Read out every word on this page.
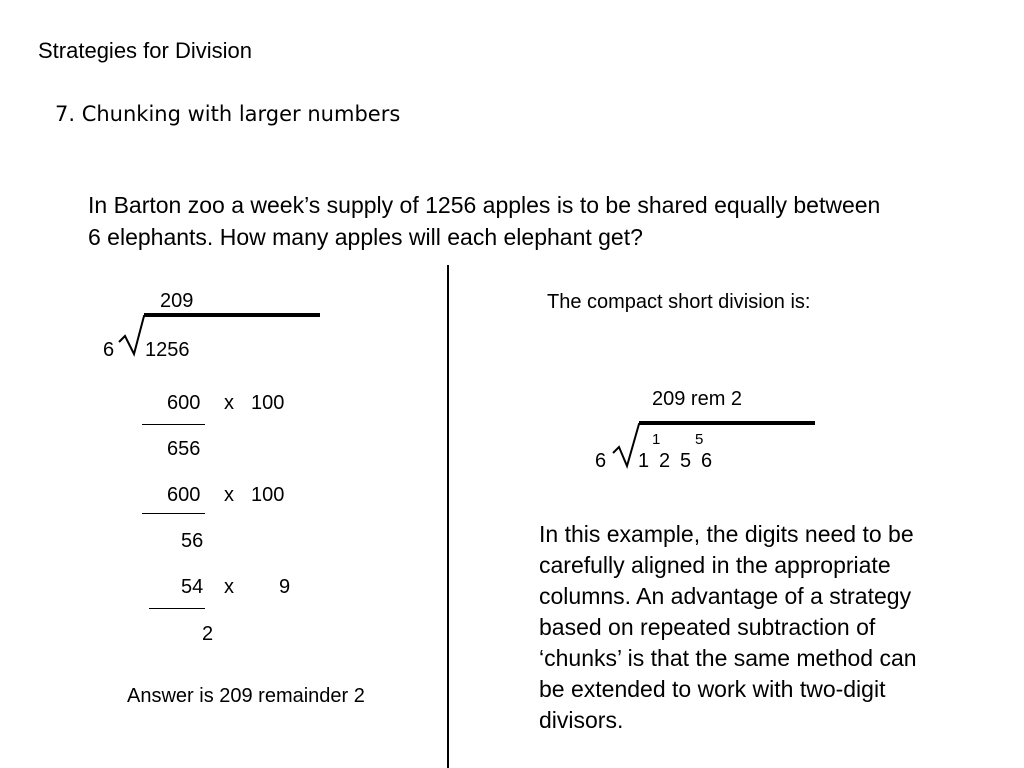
Strategies for Division
7. Chunking with larger numbers
In Barton zoo a week’s supply of 1256 apples is to be shared equally between
6 elephants. How many apples will each elephant get?
209
6 1256
600 x 100
656
600 x 100
56
54 x 9
2
Answer is 209 remainder 2
The compact short division is:
209 rem 2
6 1
1
2 5
5
6
In this example, the digits need to be
carefully aligned in the appropriate
columns. An advantage of a strategy
based on repeated subtraction of
‘chunks’ is that the same method can
be extended to work with two-digit
divisors.
